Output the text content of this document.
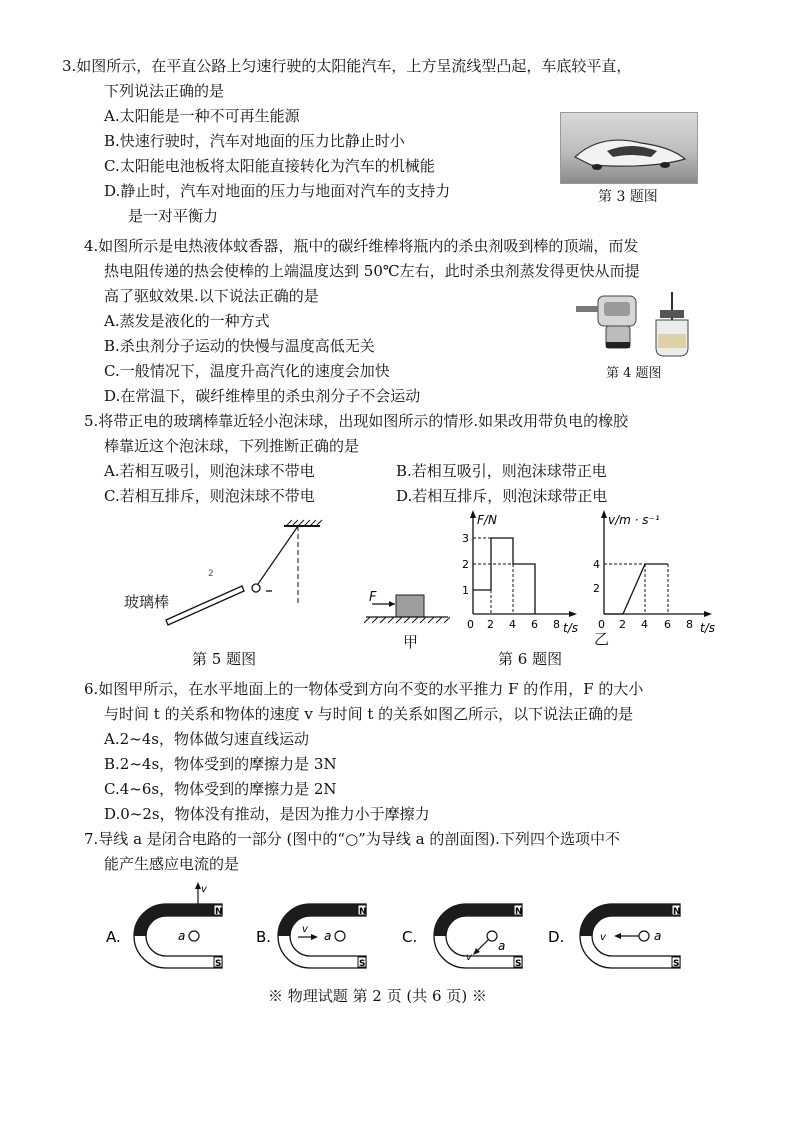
3.如图所示，在平直公路上匀速行驶的太阳能汽车，上方呈流线型凸起，车底较平直，
下列说法正确的是
A.太阳能是一种不可再生能源
B.快速行驶时，汽车对地面的压力比静止时小
C.太阳能电池板将太阳能直接转化为汽车的机械能
D.静止时，汽车对地面的压力与地面对汽车的支持力
是一对平衡力
第 3 题图
4.如图所示是电热液体蚊香器，瓶中的碳纤维棒将瓶内的杀虫剂吸到棒的顶端，而发
热电阻传递的热会使棒的上端温度达到 50℃左右，此时杀虫剂蒸发得更快从而提
高了驱蚊效果.以下说法正确的是
A.蒸发是液化的一种方式
B.杀虫剂分子运动的快慢与温度高低无关
C.一般情况下，温度升高汽化的速度会加快
D.在常温下，碳纤维棒里的杀虫剂分子不会运动
第 4 题图
5.将带正电的玻璃棒靠近轻小泡沫球，出现如图所示的情形.如果改用带负电的橡胶
棒靠近这个泡沫球，下列推断正确的是
A.若相互吸引，则泡沫球不带电	B.若相互吸引，则泡沫球带正电
C.若相互排斥，则泡沫球不带电	D.若相互排斥，则泡沫球带正电
2
玻璃棒
第 5 题图
F
甲
F/N
3
2
1
0 2 4 6 8 t/s
v/m · s⁻¹
4
2
0 2 4 6 8 t/s
乙
第 6 题图
6.如图甲所示，在水平地面上的一物体受到方向不变的水平推力 F 的作用，F 的大小
与时间 t 的关系和物体的速度 v 与时间 t 的关系如图乙所示，以下说法正确的是
A.2~4s，物体做匀速直线运动
B.2~4s，物体受到的摩擦力是 3N
C.4~6s，物体受到的摩擦力是 2N
D.0~2s，物体没有推动，是因为推力小于摩擦力
7.导线 a 是闭合电路的一部分 (图中的“○”为导线 a 的剖面图).下列四个选项中不
能产生感应电流的是
N
S
a
v
A.
N
S
a
v
B.
N
S
a
v
C.
N
S
a
v
D.
※ 物理试题 第 2 页 (共 6 页) ※
